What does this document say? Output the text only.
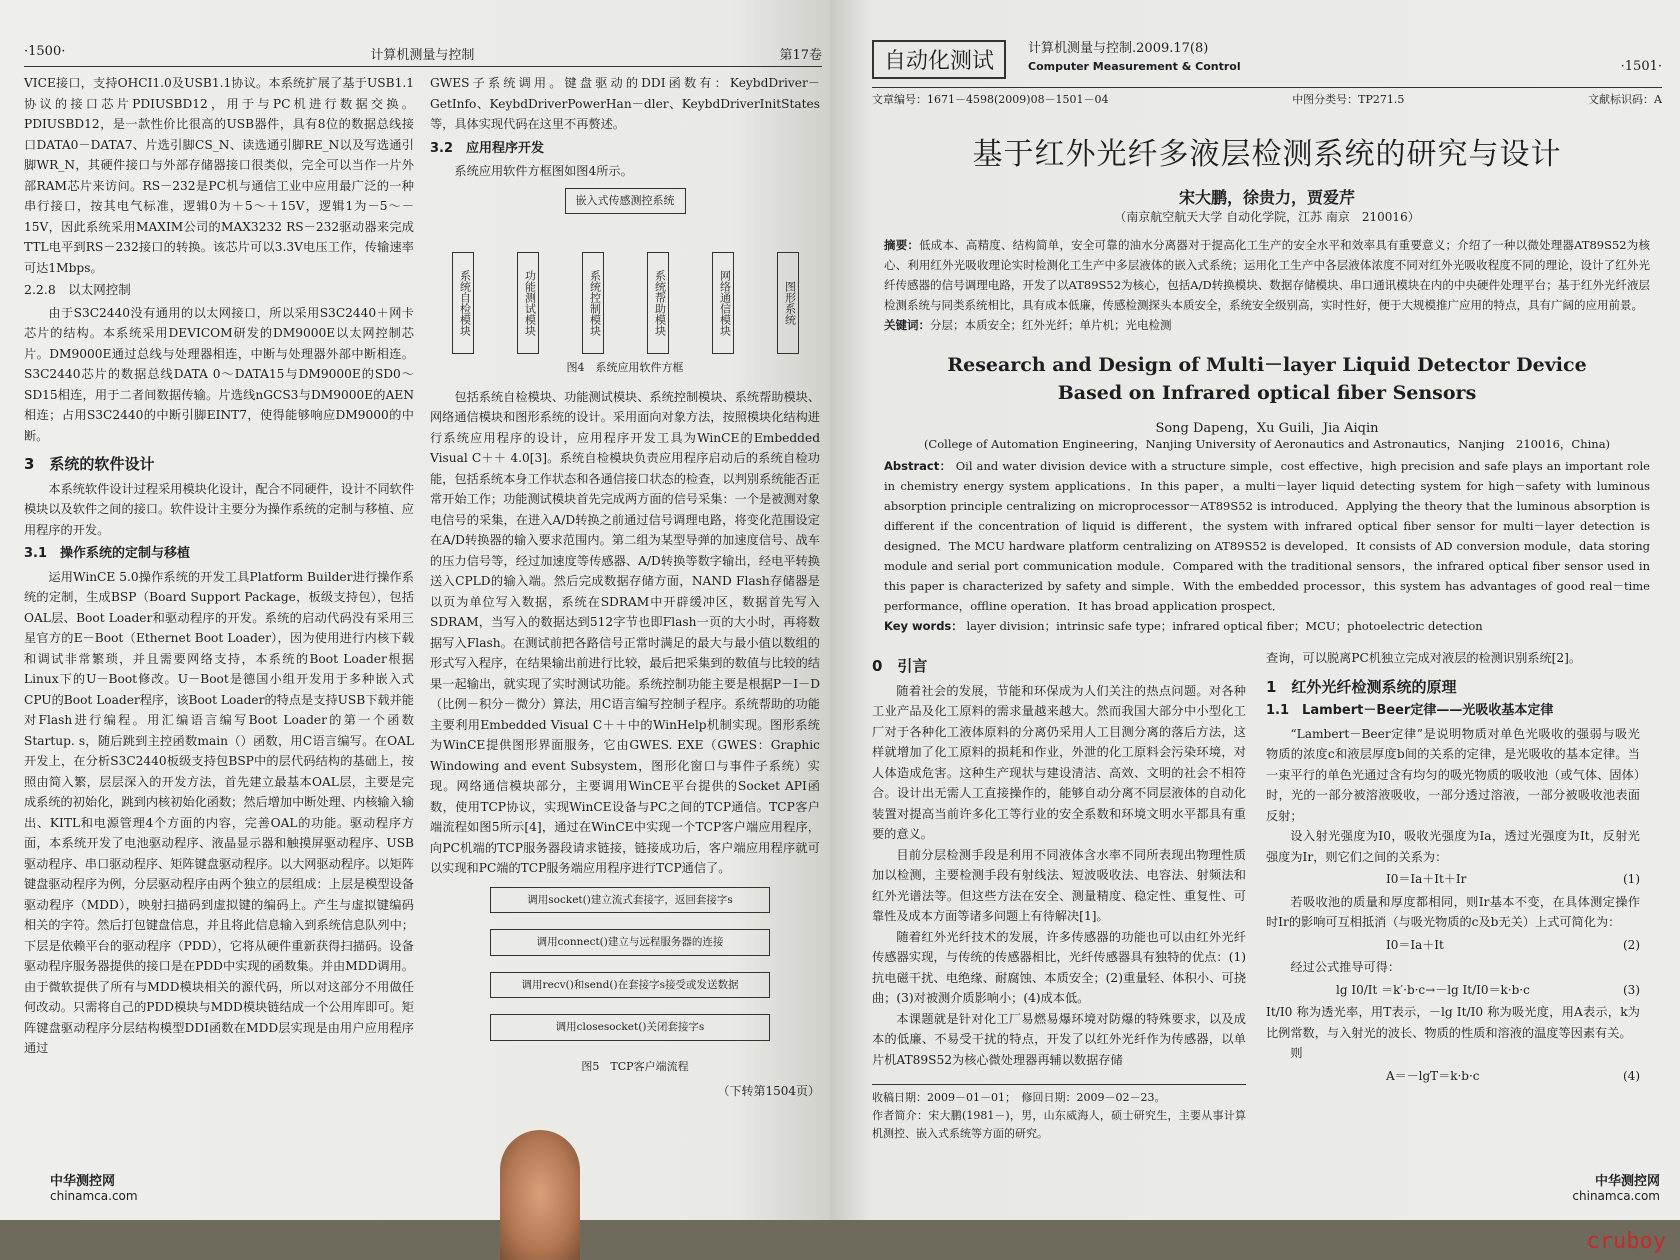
·1500·	计算机测量与控制	第17卷

VICE接口，支持OHCI1.0及USB1.1协议。本系统扩展了基于USB1.1协议的接口芯片PDIUSBD12，用于与PC机进行数据交换。PDIUSBD12，是一款性价比很高的USB器件，具有8位的数据总线接口DATA0－DATA7、片选引脚CS_N、读选通引脚RE_N以及写选通引脚WR_N，其硬件接口与外部存储器接口很类似，完全可以当作一片外部RAM芯片来访问。RS－232是PC机与通信工业中应用最广泛的一种串行接口，按其电气标准，逻辑0为＋5～＋15V，逻辑1为－5～－15V，因此系统采用MAXIM公司的MAX3232 RS－232驱动器来完成TTL电平到RS－232接口的转换。该芯片可以3.3V电压工作，传输速率可达1Mbps。

2.2.8　以太网控制

由于S3C2440没有通用的以太网接口，所以采用S3C2440＋网卡芯片的结构。本系统采用DEVICOM研发的DM9000E以太网控制芯片。DM9000E通过总线与处理器相连，中断与处理器外部中断相连。S3C2440芯片的数据总线DATA 0～DATA15与DM9000E的SD0～SD15相连，用于二者间数据传输。片选线nGCS3与DM9000E的AEN相连；占用S3C2440的中断引脚EINT7，使得能够响应DM9000的中断。

3　系统的软件设计

本系统软件设计过程采用模块化设计，配合不同硬件，设计不同软件模块以及软件之间的接口。软件设计主要分为操作系统的定制与移植、应用程序的开发。

3.1　操作系统的定制与移植

运用WinCE 5.0操作系统的开发工具Platform Builder进行操作系统的定制，生成BSP（Board Support Package，板级支持包），包括OAL层、Boot Loader和驱动程序的开发。系统的启动代码没有采用三星官方的E－Boot（Ethernet Boot Loader），因为使用进行内核下载和调试非常繁琐，并且需要网络支持，本系统的Boot Loader根据Linux下的U－Boot修改。U－Boot是德国小组开发用于多种嵌入式CPU的Boot Loader程序，该Boot Loader的特点是支持USB下载并能对Flash进行编程。用汇编语言编写Boot Loader的第一个函数Startup. s，随后跳到主控函数main（）函数，用C语言编写。在OAL开发上，在分析S3C2440板级支持包BSP中的层代码结构的基础上，按照由简入繁，层层深入的开发方法，首先建立最基本OAL层，主要是完成系统的初始化，跳到内核初始化函数；然后增加中断处理、内核输入输出、KITL和电源管理4个方面的内容，完善OAL的功能。驱动程序方面，本系统开发了电池驱动程序、液晶显示器和触摸屏驱动程序、USB驱动程序、串口驱动程序、矩阵键盘驱动程序。以大网驱动程序。以矩阵键盘驱动程序为例，分层驱动程序由两个独立的层组成：上层是模型设备驱动程序（MDD），映射扫描码到虚拟键的编码上。产生与虚拟键编码相关的字符。然后打包键盘信息，并且将此信息输入到系统信息队列中；下层是依赖平台的驱动程序（PDD），它将从硬件重新获得扫描码。设备驱动程序服务器提供的接口是在PDD中实现的函数集。并由MDD调用。由于微软提供了所有与MDD模块相关的源代码，所以对这部分不用做任何改动。只需将自己的PDD模块与MDD模块链结成一个公用库即可。矩阵键盘驱动程序分层结构模型DDI函数在MDD层实现是由用户应用程序通过

GWES子系统调用。键盘驱动的DDI函数有：KeybdDriver－GetInfo、KeybdDriverPowerHan－dler、KeybdDriverInitStates等，具体实现代码在这里不再赘述。

3.2　应用程序开发

系统应用软件方框图如图4所示。

嵌入式传感测控系统
系统自检模块	功能测试模块	系统控制模块	系统帮助模块	网络通信模块	图形系统
图4　系统应用软件方框

包括系统自检模块、功能测试模块、系统控制模块、系统帮助模块、网络通信模块和图形系统的设计。采用面向对象方法，按照模块化结构进行系统应用程序的设计，应用程序开发工具为WinCE的Embedded Visual C＋＋ 4.0[3]。系统自检模块负责应用程序启动后的系统自检功能，包括系统本身工作状态和各通信接口状态的检查，以判别系统能否正常开始工作；功能测试模块首先完成两方面的信号采集：一个是被测对象电信号的采集，在进入A/D转换之前通过信号调理电路，将变化范围设定在A/D转换器的输入要求范围内。第二组为某型导弹的加速度信号、战车的压力信号等，经过加速度等传感器、A/D转换等数字输出，经电平转换送入CPLD的输入端。然后完成数据存储方面，NAND Flash存储器是以页为单位写入数据，系统在SDRAM中开辟缓冲区，数据首先写入SDRAM，当写入的数据达到512字节也即Flash一页的大小时，再将数据写入Flash。在测试前把各路信号正常时满足的最大与最小值以数组的形式写入程序，在结果输出前进行比较，最后把采集到的数值与比较的结果一起输出，就实现了实时测试功能。系统控制功能主要是根据P－I－D（比例－积分－微分）算法，用C语言编写控制子程序。系统帮助的功能主要利用Embedded Visual C＋＋中的WinHelp机制实现。图形系统为WinCE提供图形界面服务，它由GWES. EXE（GWES：Graphic Windowing and event Subsystem，图形化窗口与事件子系统）实现。网络通信模块部分，主要调用WinCE平台提供的Socket API函数，使用TCP协议，实现WinCE设备与PC之间的TCP通信。TCP客户端流程如图5所示[4]，通过在WinCE中实现一个TCP客户端应用程序，向PC机端的TCP服务器段请求链接，链接成功后，客户端应用程序就可以实现和PC端的TCP服务端应用程序进行TCP通信了。

调用socket()建立流式套接字，返回套接字s
调用connect()建立与远程服务器的连接
调用recv()和send()在套接字s接受或发送数据
调用closesocket()关闭套接字s
图5　TCP客户端流程
（下转第1504页）
中华测控网
chinamca.com
自动化测试
计算机测量与控制.2009.17(8)
Computer Measurement & Control	·1501·
文章编号：1671－4598(2009)08－1501－04	中图分类号：TP271.5	文献标识码：A
基于红外光纤多液层检测系统的研究与设计
宋大鹏，徐贵力，贾爱芹
（南京航空航天大学 自动化学院，江苏 南京　210016）
摘要：低成本、高精度、结构简单，安全可靠的油水分离器对于提高化工生产的安全水平和效率具有重要意义；介绍了一种以微处理器AT89S52为核心、利用红外光吸收理论实时检测化工生产中多层液体的嵌入式系统；运用化工生产中各层液体浓度不同对红外光吸收程度不同的理论，设计了红外光纤传感器的信号调理电路，开发了以AT89S52为核心，包括A/D转换模块、数据存储模块、串口通讯模块在内的中央硬件处理平台；基于红外光纤液层检测系统与同类系统相比，具有成本低廉，传感检测探头本质安全，系统安全级别高，实时性好，便于大规模推广应用的特点，具有广阔的应用前景。
关键词：分层；本质安全；红外光纤；单片机；光电检测
Research and Design of Multi－layer Liquid Detector Device
Based on Infrared optical fiber Sensors
Song Dapeng，Xu Guili，Jia Aiqin
(College of Automation Engineering，Nanjing University of Aeronautics and Astronautics，Nanjing　210016，China)
Abstract： Oil and water division device with a structure simple，cost effective，high precision and safe plays an important role in chemistry energy system applications．In this paper，a multi－layer liquid detecting system for high－safety with luminous absorption principle centralizing on microprocessor－AT89S52 is introduced．Applying the theory that the luminous absorption is different if the concentration of liquid is different，the system with infrared optical fiber sensor for multi－layer detection is designed．The MCU hardware platform centralizing on AT89S52 is developed．It consists of AD conversion module，data storing module and serial port communication module．Compared with the traditional sensors，the infrared optical fiber sensor used in this paper is characterized by safety and simple．With the embedded processor，this system has advantages of good real－time performance，offline operation．It has broad application prospect．
Key words： layer division；intrinsic safe type；infrared optical fiber；MCU；photoelectric detection
0　引言

随着社会的发展，节能和环保成为人们关注的热点问题。对各种工业产品及化工原料的需求量越来越大。然而我国大部分中小型化工厂对于各种化工液体原料的分离仍采用人工目测分离的落后方法，这样就增加了化工原料的损耗和作业，外泄的化工原料会污染环境，对人体造成危害。这种生产现状与建设清洁、高效、文明的社会不相符合。设计出无需人工直接操作的，能够自动分离不同层液体的自动化装置对提高当前许多化工等行业的安全系数和环境文明水平都具有重要的意义。

目前分层检测手段是利用不同液体含水率不同所表现出物理性质加以检测，主要检测手段有射线法、短波吸收法、电容法、射频法和红外光谱法等。但这些方法在安全、测量精度、稳定性、重复性、可靠性及成本方面等诸多问题上有待解决[1]。

随着红外光纤技术的发展，许多传感器的功能也可以由红外光纤传感器实现，与传统的传感器相比，光纤传感器具有独特的优点：(1)抗电磁干扰、电绝缘、耐腐蚀、本质安全；(2)重量轻、体积小、可挠曲；(3)对被测介质影响小；(4)成本低。

本课题就是针对化工厂易燃易爆环境对防爆的特殊要求，以及成本的低廉、不易受干扰的特点，开发了以红外光纤作为传感器，以单片机AT89S52为核心微处理器再辅以数据存储

收稿日期：2009－01－01；　修回日期：2009－02－23。
作者简介：宋大鹏(1981－)，男，山东威海人，硕士研究生，主要从事计算机测控、嵌入式系统等方面的研究。

查询，可以脱离PC机独立完成对液层的检测识别系统[2]。

1　红外光纤检测系统的原理
1.1　Lambert－Beer定律——光吸收基本定律

“Lambert－Beer定律”是说明物质对单色光吸收的强弱与吸光物质的浓度c和液层厚度b间的关系的定律，是光吸收的基本定律。当一束平行的单色光通过含有均匀的吸光物质的吸收池（或气体、固体）时，光的一部分被溶液吸收，一部分透过溶液，一部分被吸收池表面反射；

设入射光强度为I0，吸收光强度为Ia，透过光强度为It，反射光强度为Ir，则它们之间的关系为：

I0＝Ia＋It＋Ir	(1)

若吸收池的质量和厚度都相同，则Ir基本不变，在具体测定操作时Ir的影响可互相抵消（与吸光物质的c及b无关）上式可简化为：

I0＝Ia＋It	(2)

经过公式推导可得：

lg I0/It ＝k′·b·c→－lg It/I0＝k·b·c	(3)

It/I0 称为透光率，用T表示，－lg It/I0 称为吸光度，用A表示，k为比例常数，与入射光的波长、物质的性质和溶液的温度等因素有关。

则

A＝－lgT＝k·b·c	(4)
中华测控网
chinamca.com
cruboy
